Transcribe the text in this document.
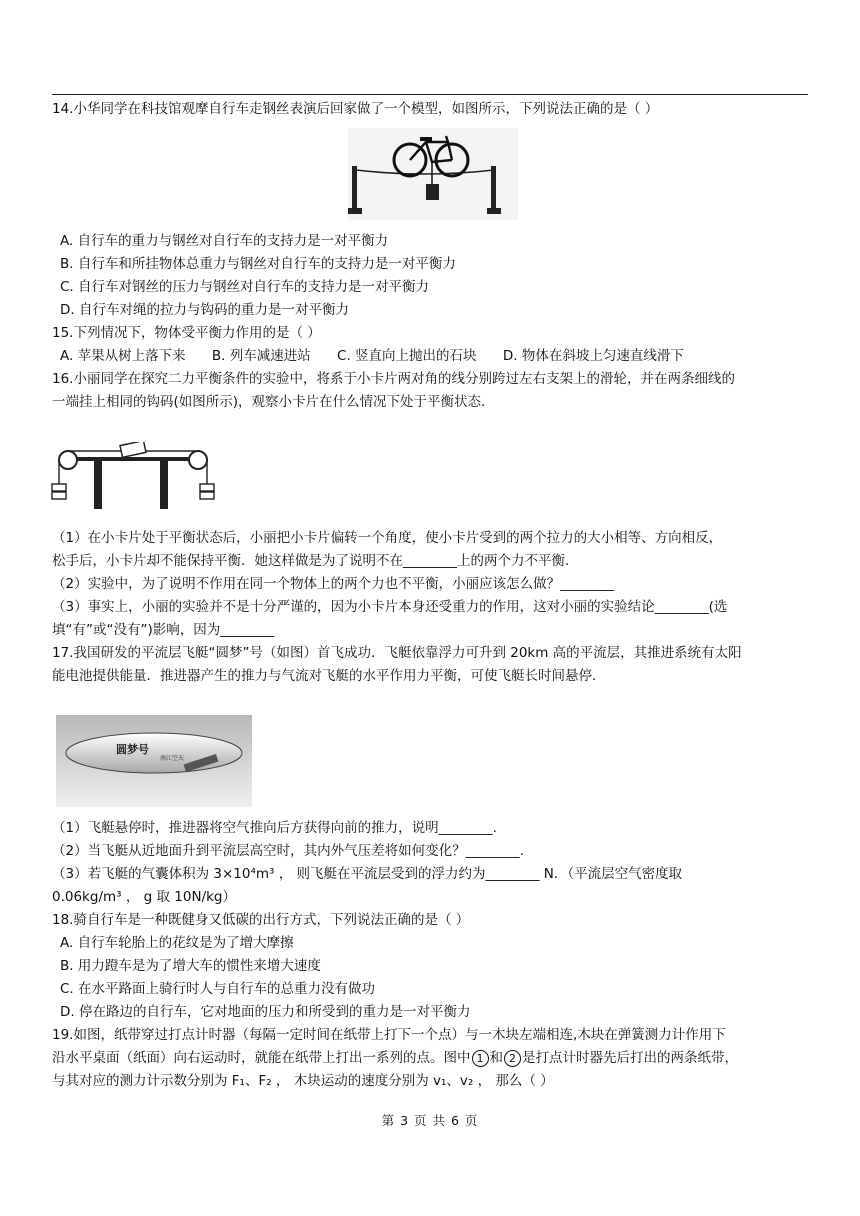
14.小华同学在科技馆观摩自行车走钢丝表演后回家做了一个模型，如图所示，下列说法正确的是（ ）
A. 自行车的重力与钢丝对自行车的支持力是一对平衡力
B. 自行车和所挂物体总重力与钢丝对自行车的支持力是一对平衡力
C. 自行车对钢丝的压力与钢丝对自行车的支持力是一对平衡力
D. 自行车对绳的拉力与钩码的重力是一对平衡力
15.下列情况下，物体受平衡力作用的是（ ）
A. 苹果从树上落下来 B. 列车减速进站 C. 竖直向上抛出的石块 D. 物体在斜坡上匀速直线滑下
16.小丽同学在探究二力平衡条件的实验中，将系于小卡片两对角的线分别跨过左右支架上的滑轮，并在两条细线的
一端挂上相同的钩码(如图所示)，观察小卡片在什么情况下处于平衡状态．
（1）在小卡片处于平衡状态后，小丽把小卡片偏转一个角度，使小卡片受到的两个拉力的大小相等、方向相反，
松手后，小卡片却不能保持平衡．她这样做是为了说明不在________上的两个力不平衡．
（2）实验中，为了说明不作用在同一个物体上的两个力也不平衡，小丽应该怎么做？________
（3）事实上，小丽的实验并不是十分严谨的，因为小卡片本身还受重力的作用，这对小丽的实验结论________(选
填“有”或“没有”)影响，因为________
17.我国研发的平流层飞艇“圆梦”号（如图）首飞成功．飞艇依靠浮力可升到 20km 高的平流层，其推进系统有太阳
能电池提供能量．推进器产生的推力与气流对飞艇的水平作用力平衡，可使飞艇长时间悬停．
圆梦号
南江空天
（1）飞艇悬停时，推进器将空气推向后方获得向前的推力，说明________.
（2）当飞艇从近地面升到平流层高空时，其内外气压差将如何变化？________.
（3）若飞艇的气囊体积为 3×10⁴m³ ， 则飞艇在平流层受到的浮力约为________ N．（平流层空气密度取
0.06kg/m³ ， g 取 10N/kg）
18.骑自行车是一种既健身又低碳的出行方式，下列说法正确的是（ ）
A. 自行车轮胎上的花纹是为了增大摩擦
B. 用力蹬车是为了增大车的惯性来增大速度
C. 在水平路面上骑行时人与自行车的总重力没有做功
D. 停在路边的自行车，它对地面的压力和所受到的重力是一对平衡力
19.如图，纸带穿过打点计时器（每隔一定时间在纸带上打下一个点）与一木块左端相连,木块在弹簧测力计作用下
沿水平桌面（纸面）向右运动时，就能在纸带上打出一系列的点。图中 1 和 2 是打点计时器先后打出的两条纸带，
与其对应的测力计示数分别为 F₁、F₂ ， 木块运动的速度分别为 v₁、v₂ ， 那么（ ）
第 3 页 共 6 页
